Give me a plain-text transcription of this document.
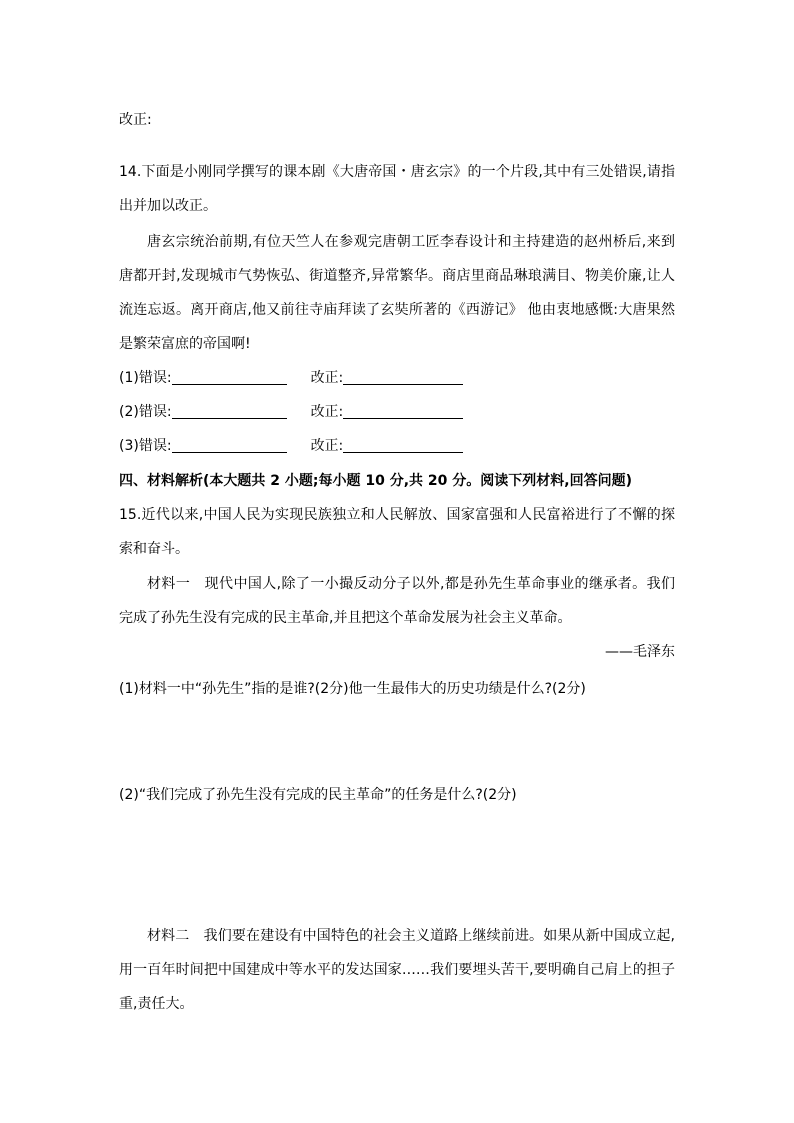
改正:
14.下面是小刚同学撰写的课本剧《大唐帝国・唐玄宗》的一个片段,其中有三处错误,请指
出并加以改正。
唐玄宗统治前期,有位天竺人在参观完唐朝工匠李春设计和主持建造的赵州桥后,来到
唐都开封,发现城市气势恢弘、街道整齐,异常繁华。商店里商品琳琅满目、物美价廉,让人
流连忘返。离开商店,他又前往寺庙拜读了玄奘所著的《西游记》 他由衷地感慨:大唐果然
是繁荣富庶的帝国啊!
(1)错误:	改正:
(2)错误:	改正:
(3)错误:	改正:
四、材料解析(本大题共 2 小题;每小题 10 分,共 20 分。阅读下列材料,回答问题)
15.近代以来,中国人民为实现民族独立和人民解放、国家富强和人民富裕进行了不懈的探
索和奋斗。
材料一　现代中国人,除了一小撮反动分子以外,都是孙先生革命事业的继承者。我们
完成了孙先生没有完成的民主革命,并且把这个革命发展为社会主义革命。
——毛泽东
(1)材料一中“孙先生”指的是谁?(2分)他一生最伟大的历史功绩是什么?(2分)
(2)“我们完成了孙先生没有完成的民主革命”的任务是什么?(2分)
材料二　我们要在建设有中国特色的社会主义道路上继续前进。如果从新中国成立起,
用一百年时间把中国建成中等水平的发达国家……我们要埋头苦干,要明确自己肩上的担子
重,责任大。
